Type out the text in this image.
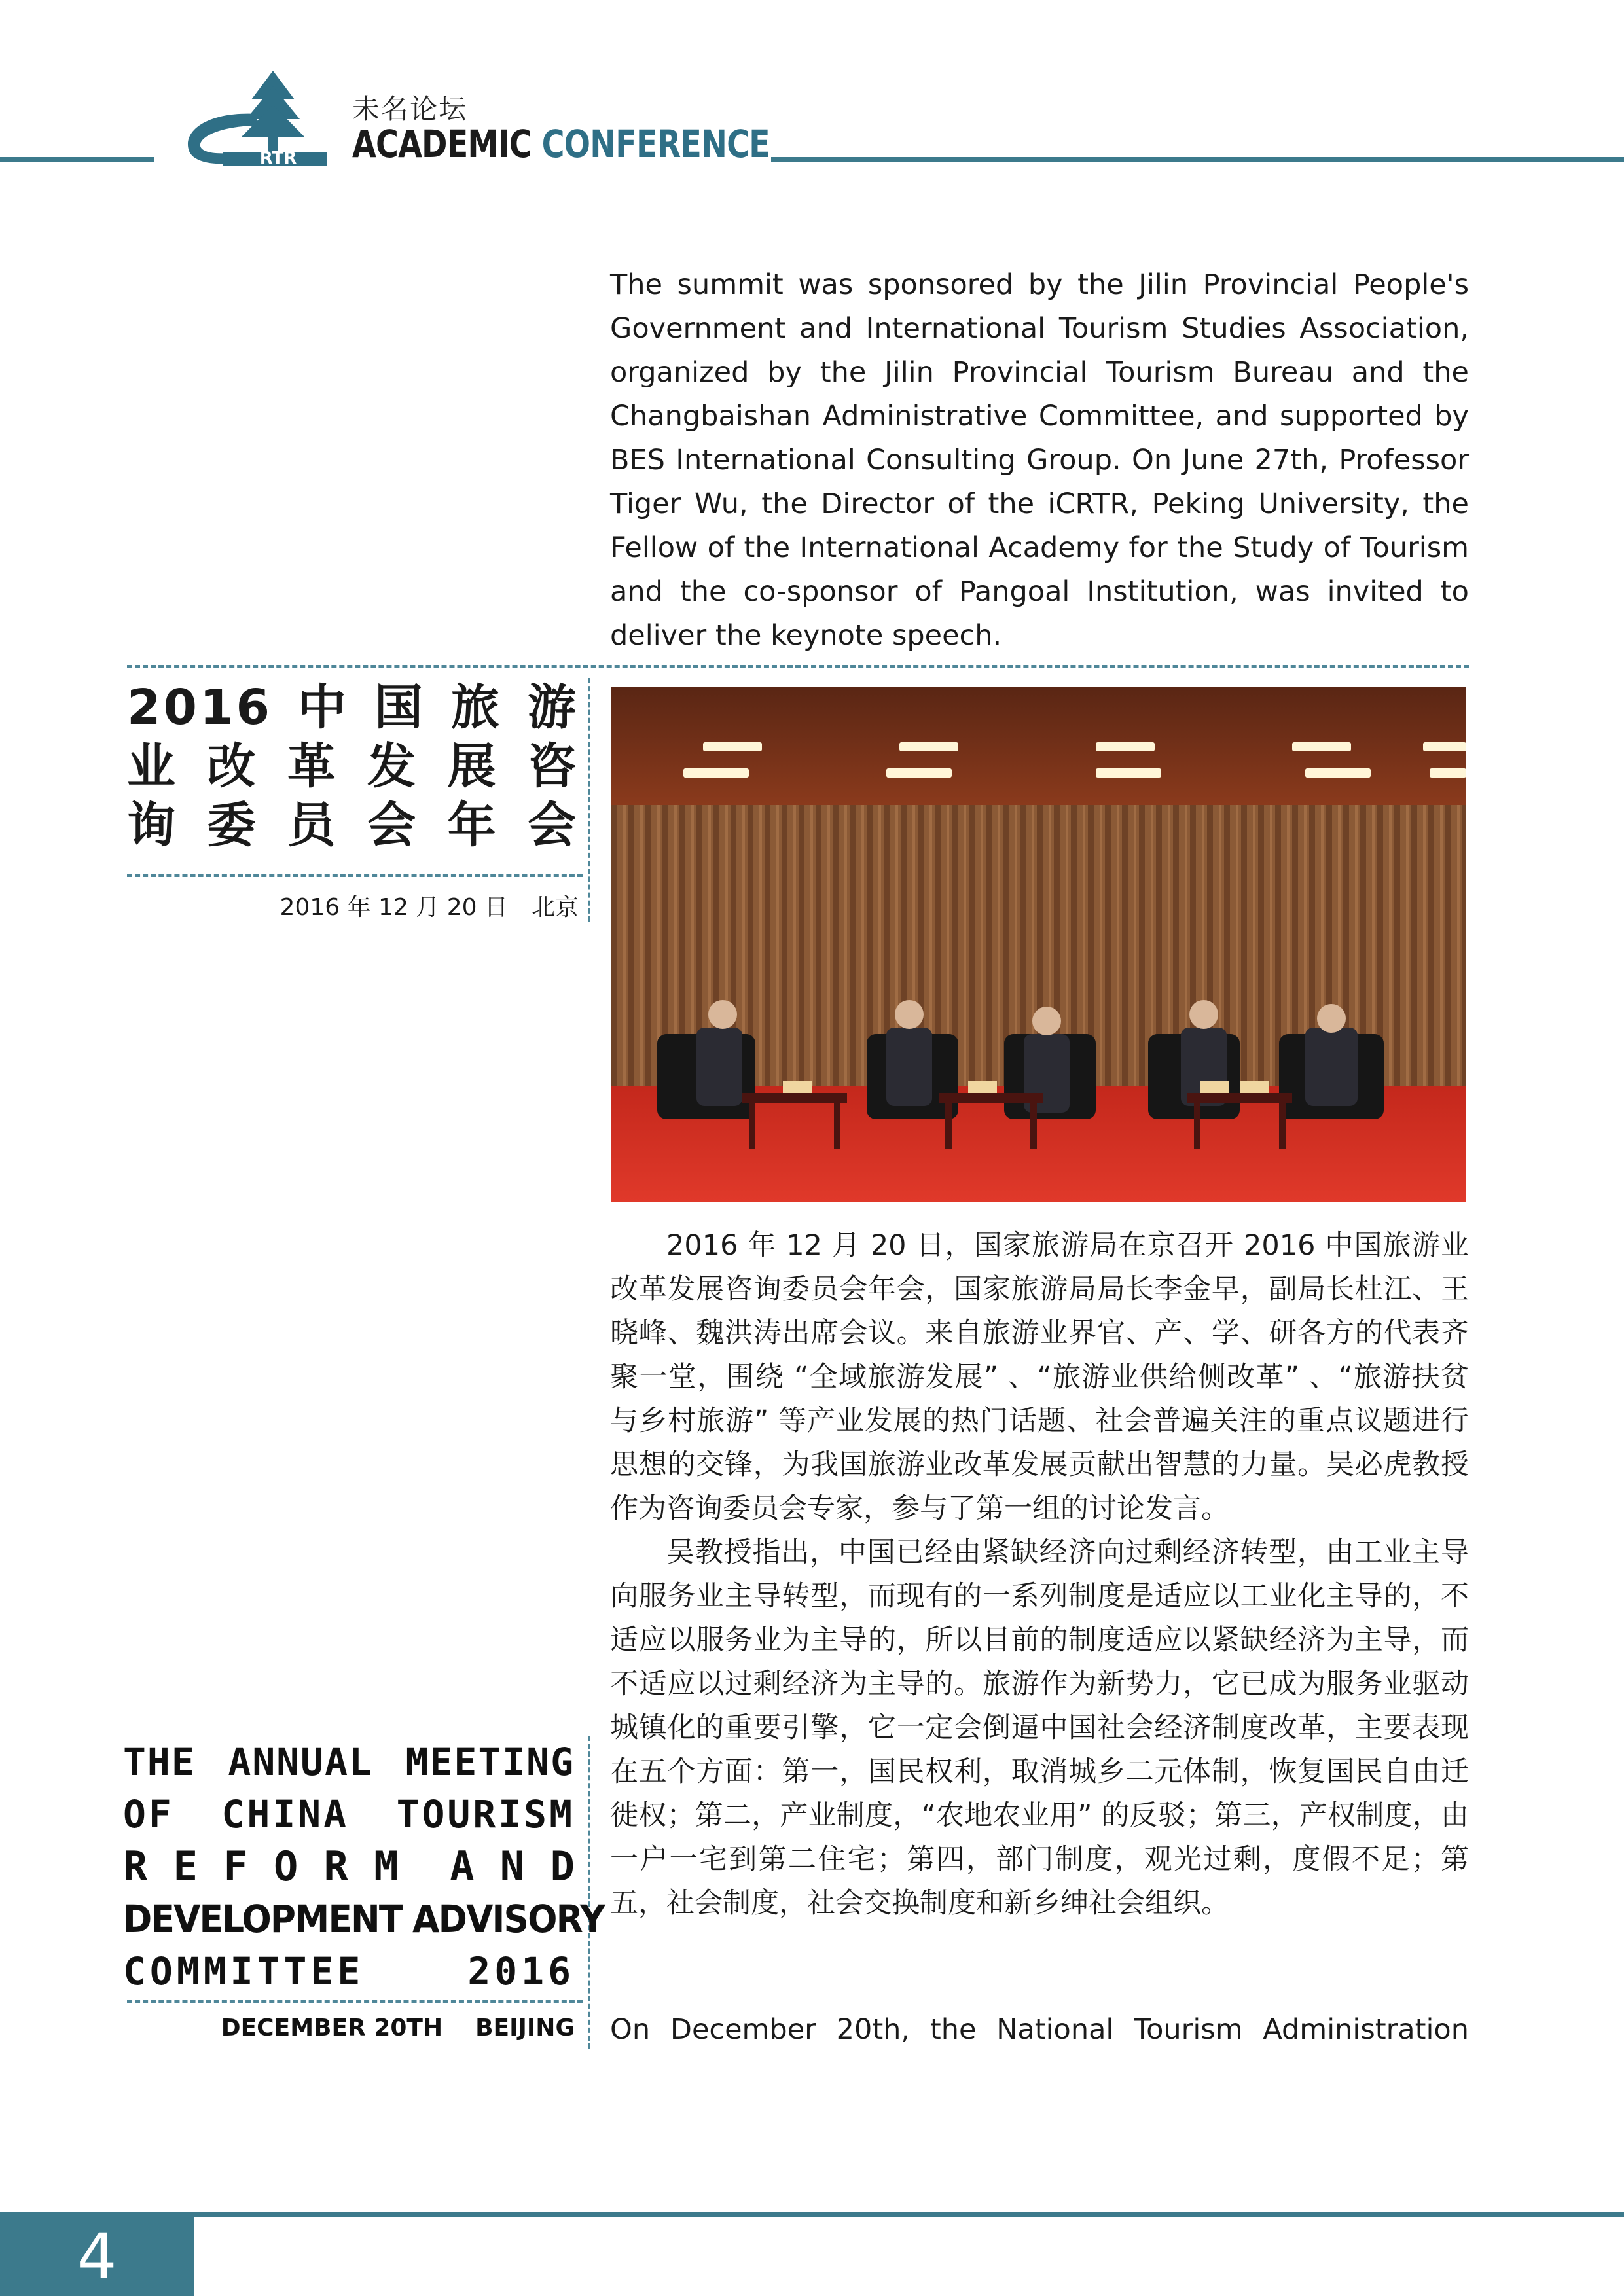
RTR
未名论坛
ACADEMIC CONFERENCE

The summit was sponsored by the Jilin Provincial People's Government and International Tourism Studies Association, organized by the Jilin Provincial Tourism Bureau and the Changbaishan Administrative Committee, and supported by BES International Consulting Group. On June 27th, Professor Tiger Wu, the Director of the iCRTR, Peking University, the Fellow of the International Academy for the Study of Tourism and the co-sponsor of Pangoal Institution, was invited to deliver the keynote speech.

2016 中 国 旅 游
业 改 革 发 展 咨
询 委 员 会 年 会
2016 年 12 月 20 日　北京

2016 年 12 月 20 日，国家旅游局在京召开 2016 中国旅游业改革发展咨询委员会年会，国家旅游局局长李金早，副局长杜江、王晓峰、魏洪涛出席会议。来自旅游业界官、产、学、研各方的代表齐聚一堂，围绕 “全域旅游发展” 、“旅游业供给侧改革” 、“旅游扶贫与乡村旅游” 等产业发展的热门话题、社会普遍关注的重点议题进行思想的交锋，为我国旅游业改革发展贡献出智慧的力量。吴必虎教授作为咨询委员会专家，参与了第一组的讨论发言。

吴教授指出，中国已经由紧缺经济向过剩经济转型，由工业主导向服务业主导转型，而现有的一系列制度是适应以工业化主导的，不适应以服务业为主导的，所以目前的制度适应以紧缺经济为主导，而不适应以过剩经济为主导的。旅游作为新势力，它已成为服务业驱动城镇化的重要引擎，它一定会倒逼中国社会经济制度改革，主要表现在五个方面：第一，国民权利，取消城乡二元体制，恢复国民自由迁徙权；第二，产业制度，“农地农业用” 的反驳；第三，产权制度，由一户一宅到第二住宅；第四，部门制度，观光过剩，度假不足；第五，社会制度，社会交换制度和新乡绅社会组织。

THE ANNUAL MEETING
OF CHINA TOURISM
R E F O R M A N D
DEVELOPMENT ADVISORY
COMMITTEE 2016
DECEMBER 20TH BEIJING On December 20th, the National Tourism Administration

4
